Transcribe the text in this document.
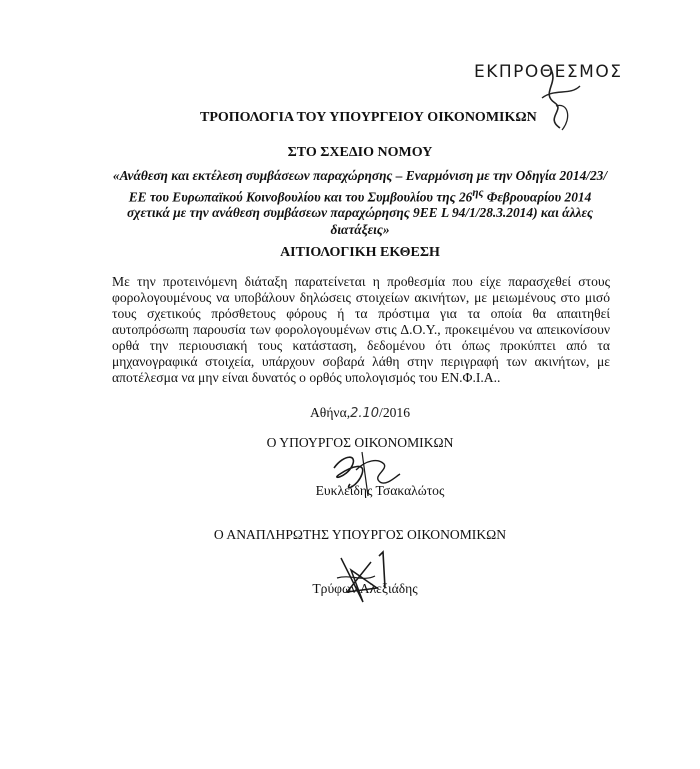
ΕΚΠΡΟΘΕΣΜΟΣ
ΤΡΟΠΟΛΟΓΙΑ ΤΟΥ ΥΠΟΥΡΓΕΙΟΥ ΟΙΚΟΝΟΜΙΚΩΝ
ΣΤΟ ΣΧΕΔΙΟ ΝΟΜΟΥ
«Ανάθεση και εκτέλεση συμβάσεων παραχώρησης – Εναρμόνιση με την Οδηγία 2014/23/ΕΕ του Ευρωπαϊκού Κοινοβουλίου και του Συμβουλίου της $26^{\eta\varsigma}$ Φεβρουαρίου 2014 σχετικά με την ανάθεση συμβάσεων παραχώρησης 9ΕΕ L 94/1/28.3.2014) και άλλες διατάξεις»
ΑΙΤΙΟΛΟΓΙΚΗ ΕΚΘΕΣΗ
Με την προτεινόμενη διάταξη παρατείνεται η προθεσμία που είχε παρασχεθεί στους φορολογουμένους να υποβάλουν δηλώσεις στοιχείων ακινήτων, με μειωμένους στο μισό τους σχετικούς πρόσθετους φόρους ή τα πρόστιμα για τα οποία θα απαιτηθεί αυτοπρόσωπη παρουσία των φορολογουμένων στις Δ.Ο.Υ., προκειμένου να απεικονίσουν ορθά την περιουσιακή τους κατάσταση, δεδομένου ότι όπως προκύπτει από τα μηχανογραφικά στοιχεία, υπάρχουν σοβαρά λάθη στην περιγραφή των ακινήτων, με αποτέλεσμα να μην είναι δυνατός ο ορθός υπολογισμός του ΕΝ.Φ.Ι.Α..
Αθήνα,2.10/2016
Ο ΥΠΟΥΡΓΟΣ ΟΙΚΟΝΟΜΙΚΩΝ
Ευκλείδης Τσακαλώτος
Ο ΑΝΑΠΛΗΡΩΤΗΣ ΥΠΟΥΡΓΟΣ ΟΙΚΟΝΟΜΙΚΩΝ
Τρύφων Αλεξιάδης
